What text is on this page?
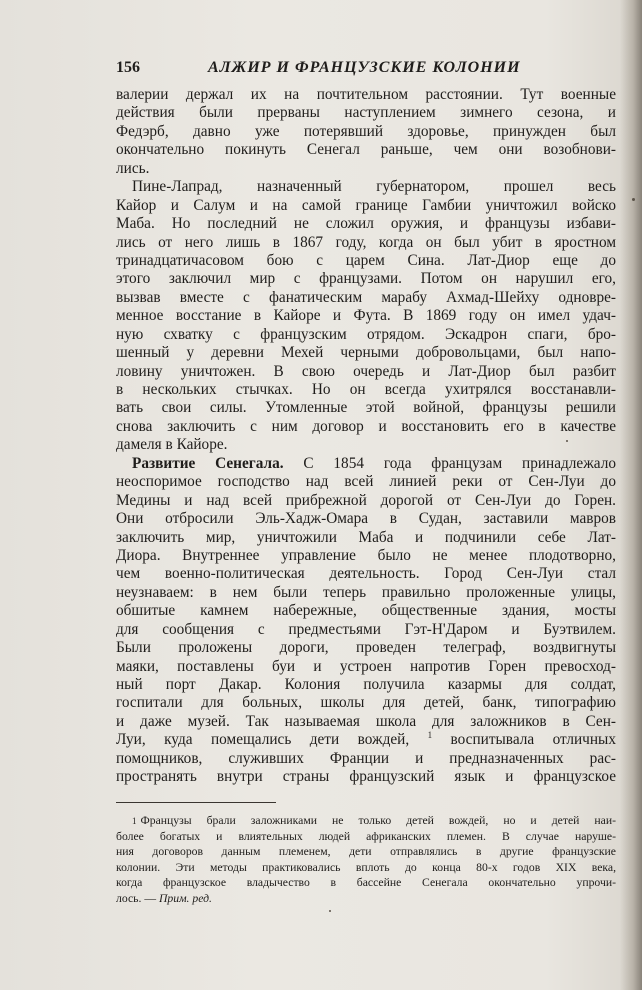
156	АЛЖИР И ФРАНЦУЗСКИЕ КОЛОНИИ
валерии держал их на почтительном расстоянии. Тут военные
действия были прерваны наступлением зимнего сезона, и
Федэрб, давно уже потерявший здоровье, принужден был
окончательно покинуть Сенегал раньше, чем они возобнови-
лись.
Пине-Лапрад, назначенный губернатором, прошел весь
Кайор и Салум и на самой границе Гамбии уничтожил войско
Маба. Но последний не сложил оружия, и французы избави-
лись от него лишь в 1867 году, когда он был убит в яростном
тринадцатичасовом бою с царем Сина. Лат-Диор еще до
этого заключил мир с французами. Потом он нарушил его,
вызвав вместе с фанатическим марабу Ахмад-Шейху одновре-
менное восстание в Кайоре и Фута. В 1869 году он имел удач-
ную схватку с французским отрядом. Эскадрон спаги, бро-
шенный у деревни Мехей черными добровольцами, был напо-
ловину уничтожен. В свою очередь и Лат-Диор был разбит
в нескольких стычках. Но он всегда ухитрялся восстанавли-
вать свои силы. Утомленные этой войной, французы решили
снова заключить с ним договор и восстановить его в качестве
дамеля в Кайоре.
Развитие Сенегала. С 1854 года французам принадлежало
неоспоримое господство над всей линией реки от Сен-Луи до
Медины и над всей прибрежной дорогой от Сен-Луи до Горен.
Они отбросили Эль-Хадж-Омара в Судан, заставили мавров
заключить мир, уничтожили Маба и подчинили себе Лат-
Диора. Внутреннее управление было не менее плодотворно,
чем военно-политическая деятельность. Город Сен-Луи стал
неузнаваем: в нем были теперь правильно проложенные улицы,
обшитые камнем набережные, общественные здания, мосты
для сообщения с предместьями Гэт-Н'Даром и Буэтвилем.
Были проложены дороги, проведен телеграф, воздвигнуты
маяки, поставлены буи и устроен напротив Горен превосход-
ный порт Дакар. Колония получила казармы для солдат,
госпитали для больных, школы для детей, банк, типографию
и даже музей. Так называемая школа для заложников в Сен-
Луи, куда помещались дети вождей, $^1$ воспитывала отличных
помощников, служивших Франции и предназначенных рас-
пространять внутри страны французский язык и французское
1 Французы брали заложниками не только детей вождей, но и детей наи-
более богатых и влиятельных людей африканских племен. В случае наруше-
ния договоров данным племенем, дети отправлялись в другие французские
колонии. Эти методы практиковались вплоть до конца 80-х годов XIX века,
когда французское владычество в бассейне Сенегала окончательно упрочи-
лось. — Прим. ред.
